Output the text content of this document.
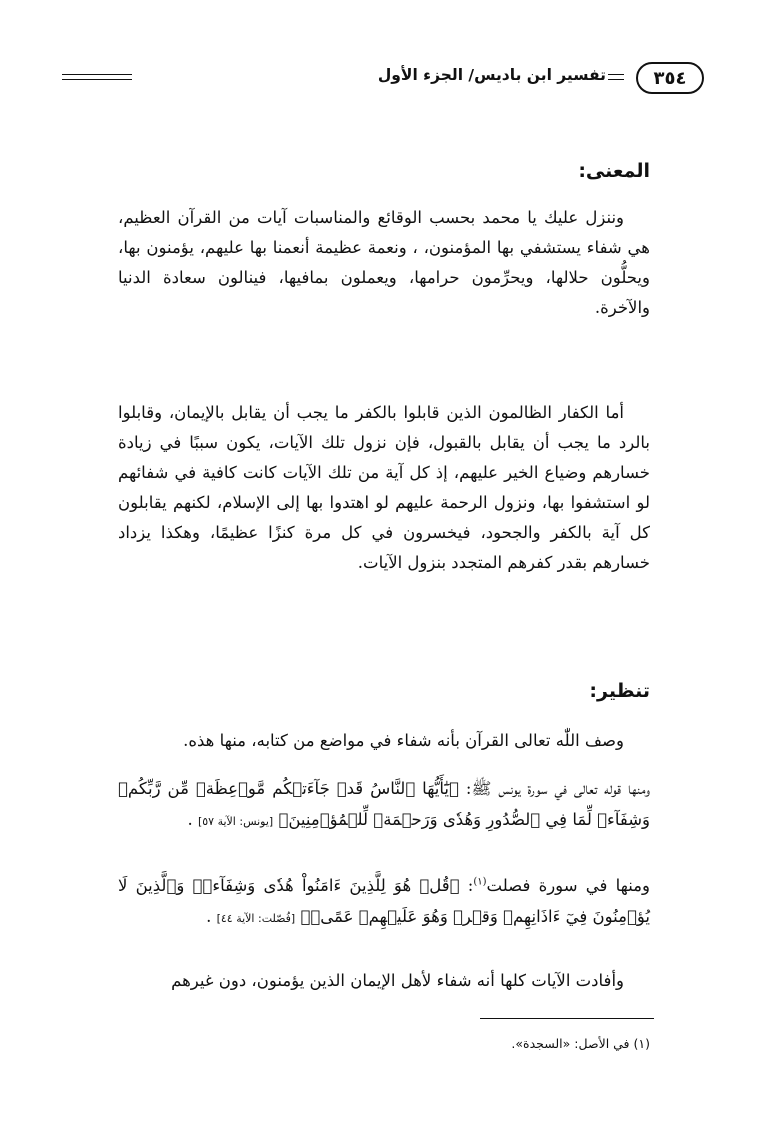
٣٥٤
تفسير ابن باديس/ الجزء الأول
المعنى:

وننزل عليك يا محمد بحسب الوقائع والمناسبات آيات من القرآن العظيم، هي شفاء يستشفي بها المؤمنون، ، ونعمة عظيمة أنعمنا بها عليهم، يؤمنون بها، ويحلُّون حلالها، ويحرِّمون حرامها، ويعملون بمافيها، فينالون سعادة الدنيا والآخرة.

أما الكفار الظالمون الذين قابلوا بالكفر ما يجب أن يقابل بالإيمان، وقابلوا بالرد ما يجب أن يقابل بالقبول، فإن نزول تلك الآيات، يكون سببًا في زيادة خسارهم وضياع الخير عليهم، إذ كل آية من تلك الآيات كانت كافية في شفائهم لو استشفوا بها، ونزول الرحمة عليهم لو اهتدوا بها إلى الإسلام، لكنهم يقابلون كل آية بالكفر والجحود، فيخسرون في كل مرة كنزًا عظيمًا، وهكذا يزداد خسارهم بقدر كفرهم المتجدد بنزول الآيات.

تنظير:

وصف اللّٰه تعالى القرآن بأنه شفاء في مواضع من كتابه، منها هذه.

ومنها قوله تعالى في سورة يونس ﷺ: ﴿يَٰٓأَيُّهَا ٱلنَّاسُ قَدۡ جَآءَتۡكُم مَّوۡعِظَةٞ مِّن رَّبِّكُمۡ وَشِفَآءٞ لِّمَا فِي ٱلصُّدُورِ وَهُدٗى وَرَحۡمَةٞ لِّلۡمُؤۡمِنِينَ﴾ [يونس: الآية ٥٧] .

ومنها في سورة فصلت$^{(١)}$: ﴿قُلۡ هُوَ لِلَّذِينَ ءَامَنُواْ هُدٗى وَشِفَآءٞۚ وَٱلَّذِينَ لَا يُؤۡمِنُونَ فِيٓ ءَاذَانِهِمۡ وَقۡرٞ وَهُوَ عَلَيۡهِمۡ عَمًىۚ﴾ [فُصّلت: الآية ٤٤] .

وأفادت الآيات كلها أنه شفاء لأهل الإيمان الذين يؤمنون، دون غيرهم

(١) في الأصل: «السجدة».
